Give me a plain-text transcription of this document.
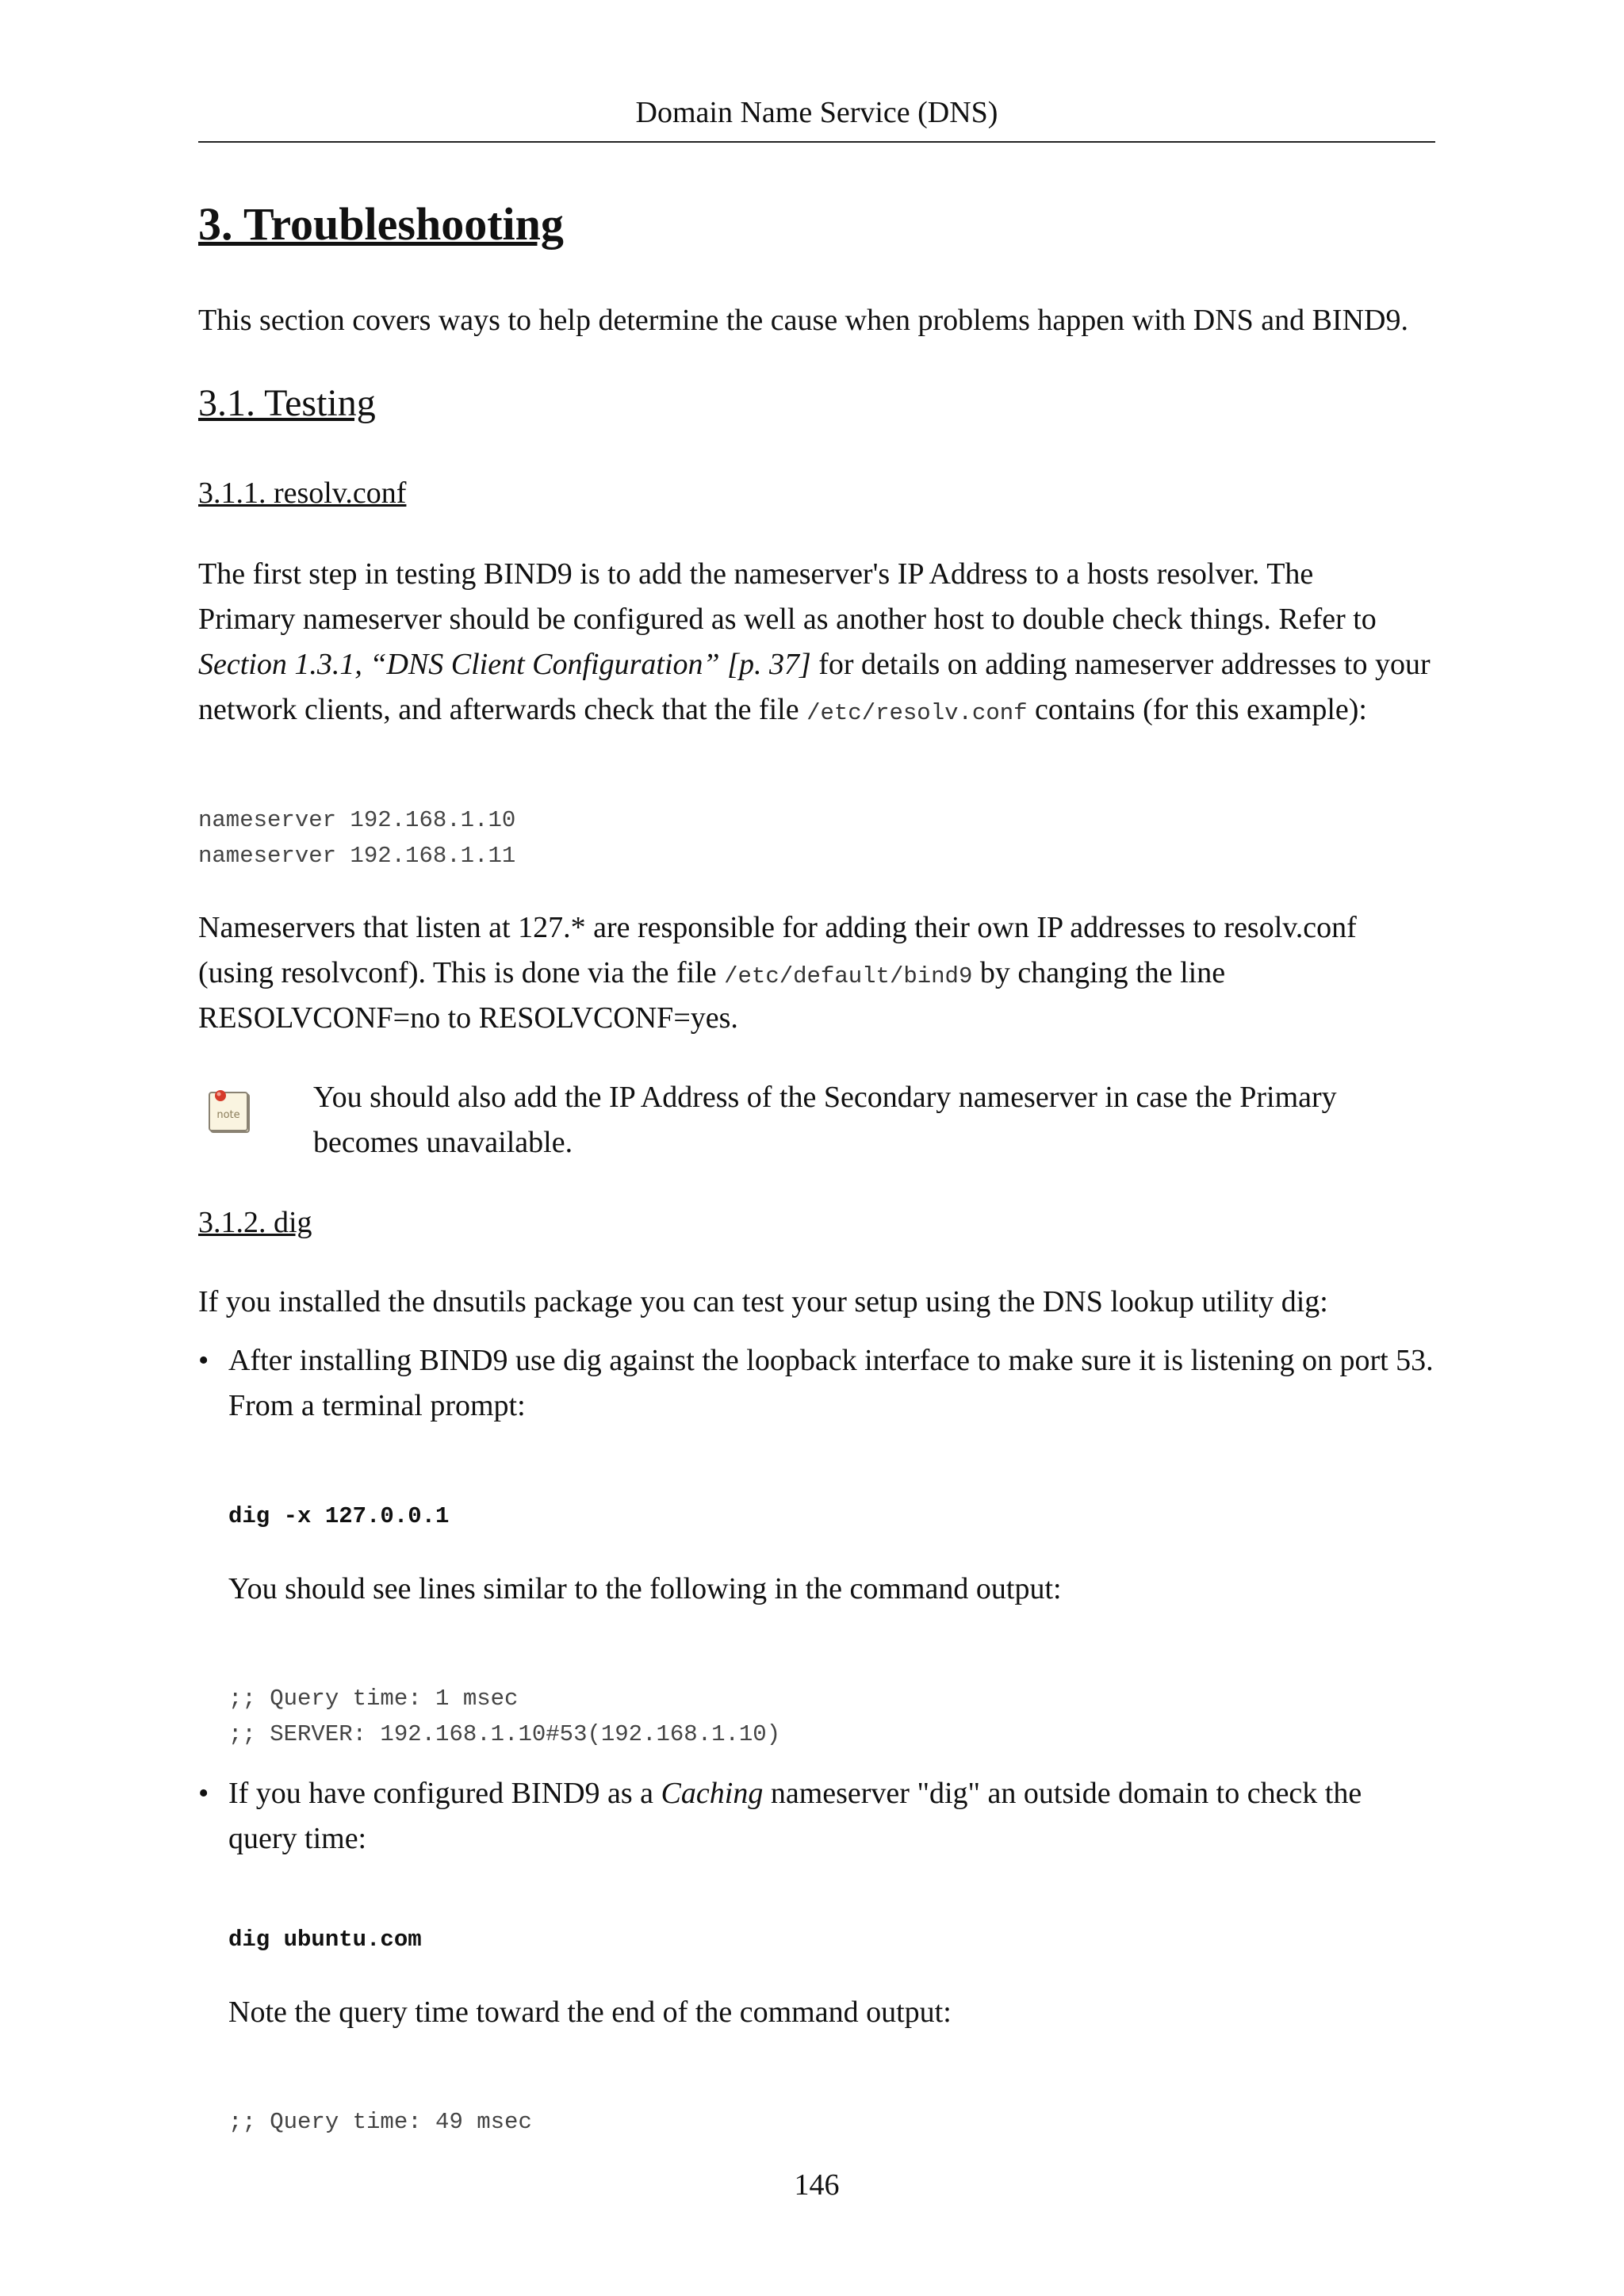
Domain Name Service (DNS)
3. Troubleshooting

This section covers ways to help determine the cause when problems happen with DNS and BIND9.

3.1. Testing
3.1.1. resolv.conf

The first step in testing BIND9 is to add the nameserver's IP Address to a hosts resolver. The

Primary nameserver should be configured as well as another host to double check things. Refer to

Section 1.3.1, “DNS Client Configuration” [p. 37] for details on adding nameserver addresses to your

network clients, and afterwards check that the file /etc/resolv.conf contains (for this example):

nameserver 192.168.1.10
nameserver 192.168.1.11

Nameservers that listen at 127.* are responsible for adding their own IP addresses to resolv.conf

(using resolvconf). This is done via the file /etc/default/bind9 by changing the line

RESOLVCONF=no to RESOLVCONF=yes.

note

You should also add the IP Address of the Secondary nameserver in case the Primary

becomes unavailable.

3.1.2. dig

If you installed the dnsutils package you can test your setup using the DNS lookup utility dig:

• After installing BIND9 use dig against the loopback interface to make sure it is listening on port 53.

From a terminal prompt:

dig -x 127.0.0.1

You should see lines similar to the following in the command output:

;; Query time: 1 msec
;; SERVER: 192.168.1.10#53(192.168.1.10)
• If you have configured BIND9 as a Caching nameserver "dig" an outside domain to check the

query time:

dig ubuntu.com

Note the query time toward the end of the command output:

;; Query time: 49 msec
146
